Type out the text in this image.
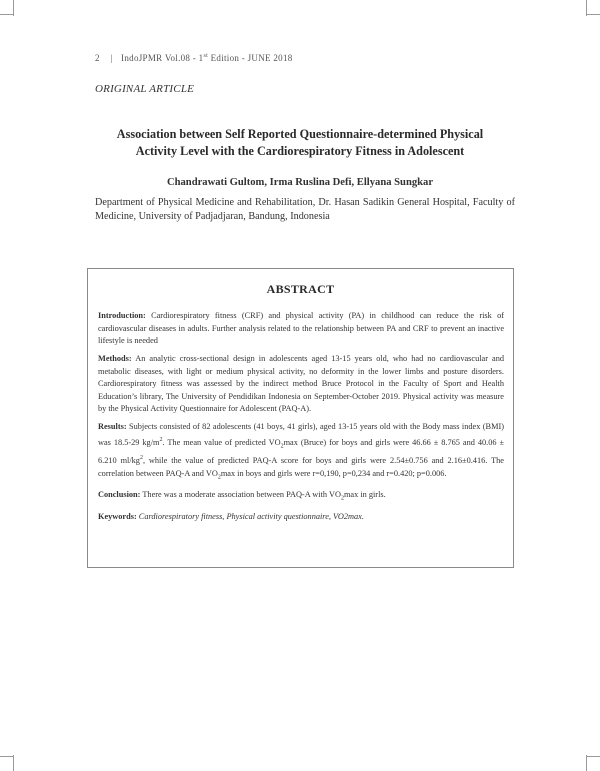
2 | IndoJPMR Vol.08 - 1st Edition - JUNE 2018
ORIGINAL ARTICLE
Association between Self Reported Questionnaire-determined Physical
Activity Level with the Cardiorespiratory Fitness in Adolescent
Chandrawati Gultom, Irma Ruslina Defi, Ellyana Sungkar
Department of Physical Medicine and Rehabilitation, Dr. Hasan Sadikin General Hospital, Faculty of Medicine, University of Padjadjaran, Bandung, Indonesia
ABSTRACT

Introduction: Cardiorespiratory fitness (CRF) and physical activity (PA) in childhood can reduce the risk of cardiovascular diseases in adults. Further analysis related to the relationship between PA and CRF to prevent an inactive lifestyle is needed

Methods: An analytic cross-sectional design in adolescents aged 13-15 years old, who had no cardiovascular and metabolic diseases, with light or medium physical activity, no deformity in the lower limbs and posture disorders. Cardiorespiratory fitness was assessed by the indirect method Bruce Protocol in the Faculty of Sport and Health Education’s library, The University of Pendidikan Indonesia on September-October 2019. Physical activity was measure by the Physical Activity Questionnaire for Adolescent (PAQ-A).

Results: Subjects consisted of 82 adolescents (41 boys, 41 girls), aged 13-15 years old with the Body mass index (BMI) was 18.5-29 $kg/m^2$. The mean value of predicted $VO_2\max$ (Bruce) for boys and girls were 46.66 ± 8.765 and 40.06 ± 6.210 $ml/kg^2$, while the value of predicted PAQ-A score for boys and girls were 2.54±0.756 and 2.16±0.416. The correlation between PAQ-A and $VO_2\max$ in boys and girls were r=0,190, p=0,234 and r=0.420; p=0.006.

Conclusion: There was a moderate association between PAQ-A with $VO_2\max$ in girls.

Keywords: Cardiorespiratory fitness, Physical activity questionnaire, VO2max.
